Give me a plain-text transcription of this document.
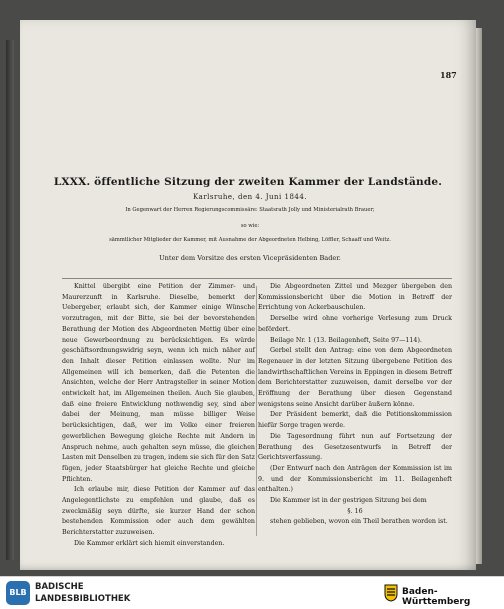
187
LXXX. öffentliche Sitzung der zweiten Kammer der Landstände.
Karlsruhe, den 4. Juni 1844.
In Gegenwart der Herren Regierungscommissäre: Staatsrath Jolly und Ministerialrath Brauer;
so wie:
sämmtlicher Mitglieder der Kammer, mit Ausnahme der Abgeordneten Helbing, Löffler, Schaaff und Weitz.
Unter dem Vorsitze des ersten Vicepräsidenten Bader.

Knittel übergibt eine Petition der Zimmer- und Maurerzunft in Karlsruhe. Dieselbe, bemerkt der Uebergeber, erlaubt sich, der Kammer einige Wünsche vorzutragen, mit der Bitte, sie bei der bevorstehenden Berathung der Motion des Abgeordneten Mettig über eine neue Gewerbeordnung zu berücksichtigen. Es würde geschäftsordnungswidrig seyn, wenn ich mich näher auf den Inhalt dieser Petition einlassen wollte. Nur im Allgemeinen will ich bemerken, daß die Petenten die Ansichten, welche der Herr Antragsteller in seiner Motion entwickelt hat, im Allgemeinen theilen. Auch Sie glauben, daß eine freiere Entwicklung nothwendig sey, sind aber dabei der Meinung, man müsse billiger Weise berücksichtigen, daß, wer im Volke einer freieren gewerblichen Bewegung gleiche Rechte mit Andern in Anspruch nehme, auch gehalten seyn müsse, die gleichen Lasten mit Denselben zu tragen, indem sie sich für den Satz fügen, jeder Staatsbürger hat gleiche Rechte und gleiche Pflichten.

Ich erlaube mir, diese Petition der Kammer auf das Angelegentlichste zu empfehlen und glaube, daß es zweckmäßig seyn dürfte, sie kurzer Hand der schon bestehenden Kommission oder auch dem gewählten Berichterstatter zuzuweisen.

Die Kammer erklärt sich hiemit einverstanden.

Die Abgeordneten Zittel und Mezger übergeben den Kommissionsbericht über die Motion in Betreff der Errichtung von Ackerbauschulen.

Derselbe wird ohne vorherige Verlesung zum Druck befördert.

Beilage Nr. 1 (13. Beilagenheft, Seite 97—114).

Gerbel stellt den Antrag: eine von dem Abgeordneten Regenauer in der letzten Sitzung übergebene Petition des landwirthschaftlichen Vereins in Eppingen in diesem Betreff dem Berichterstatter zuzuweisen, damit derselbe vor der Eröffnung der Berathung über diesen Gegenstand wenigstens seine Ansicht darüber äußern könne.

Der Präsident bemerkt, daß die Petitionskommission hiefür Sorge tragen werde.

Die Tagesordnung führt nun auf Fortsetzung der Berathung des Gesetzesentwurfs in Betreff der Gerichtsverfassung.

(Der Entwurf nach den Anträgen der Kommission ist im 9. und der Kommissionsbericht im 11. Beilagenheft enthalten.)

Die Kammer ist in der gestrigen Sitzung bei dem

§. 16

stehen geblieben, wovon ein Theil berathen worden ist.

BLB
BADISCHE
LANDESBIBLIOTHEK
Baden-Württemberg
